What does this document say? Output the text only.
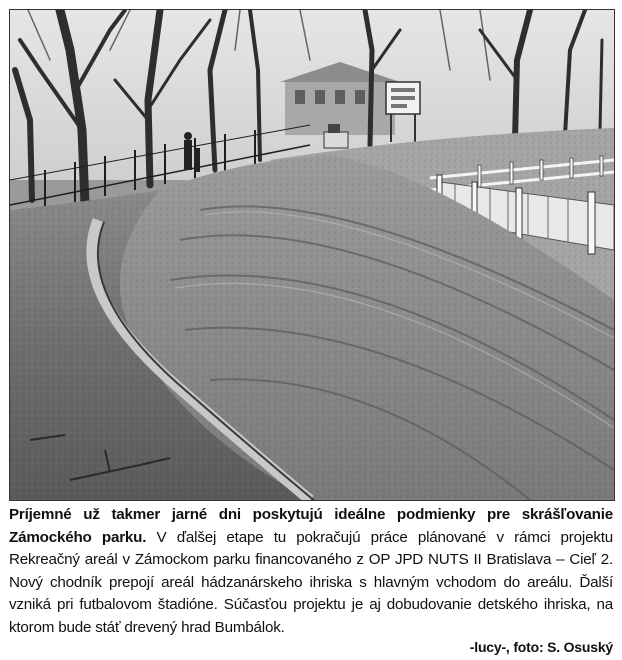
Príjemné už takmer jarné dni poskytujú ideálne podmienky pre skrášľovanie Zámockého parku. V ďalšej etape tu pokračujú práce plánované v rámci projektu Rekreačný areál v Zámockom parku financovaného z OP JPD NUTS II Bratislava – Cieľ 2. Nový chodník prepojí areál hádzanárskeho ihriska s hlavným vchodom do areálu. Ďalší vzniká pri futbalovom štadióne. Súčasťou projektu je aj dobudovanie detského ihriska, na ktorom bude stáť drevený hrad Bumbálok.
-lucy-, foto: S. Osuský
